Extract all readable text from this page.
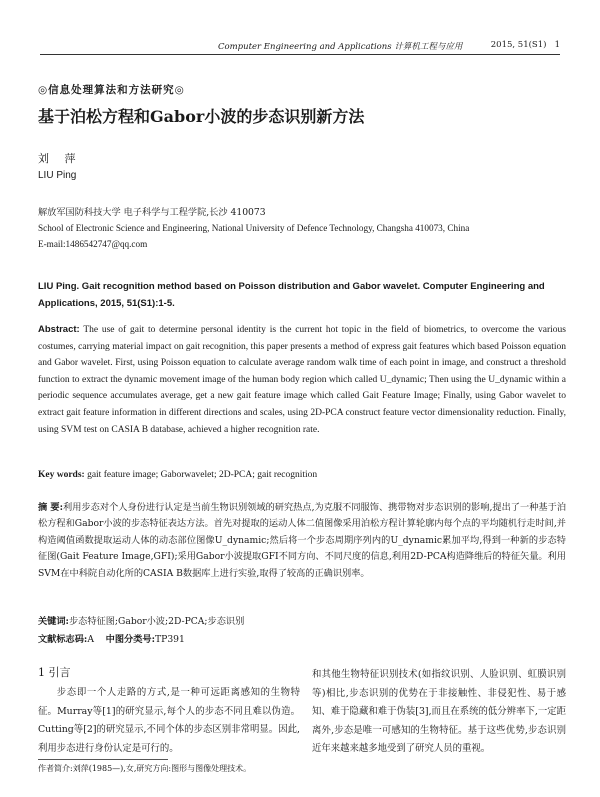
Computer Engineering and Applications 计算机工程与应用	2015, 51(S1) 1
◎信息处理算法和方法研究◎
基于泊松方程和Gabor小波的步态识别新方法
刘 萍
LIU Ping
解放军国防科技大学 电子科学与工程学院,长沙 410073
School of Electronic Science and Engineering, National University of Defence Technology, Changsha 410073, China
E-mail:1486542747@qq.com
LIU Ping. Gait recognition method based on Poisson distribution and Gabor wavelet. Computer Engineering and Applications, 2015, 51(S1):1-5.
Abstract: The use of gait to determine personal identity is the current hot topic in the field of biometrics, to overcome the various costumes, carrying material impact on gait recognition, this paper presents a method of express gait features which based Poisson equation and Gabor wavelet. First, using Poisson equation to calculate average random walk time of each point in image, and construct a threshold function to extract the dynamic movement image of the human body region which called U_dynamic; Then using the U_dynamic within a periodic sequence accumulates average, get a new gait feature image which called Gait Feature Image; Finally, using Gabor wavelet to extract gait feature information in different directions and scales, using 2D-PCA construct feature vector dimensionality reduction. Finally, using SVM test on CASIA B database, achieved a higher recognition rate.
Key words: gait feature image; Gaborwavelet; 2D-PCA; gait recognition
摘 要:利用步态对个人身份进行认定是当前生物识别领域的研究热点,为克服不同服饰、携带物对步态识别的影响,提出了一种基于泊松方程和Gabor小波的步态特征表达方法。首先对提取的运动人体二值图像采用泊松方程计算轮廓内每个点的平均随机行走时间,并构造阈值函数提取运动人体的动态部位图像U_dynamic;然后将一个步态周期序列内的U_dynamic累加平均,得到一种新的步态特征图(Gait Feature Image,GFI);采用Gabor小波提取GFI不同方向、不同尺度的信息,利用2D-PCA构造降维后的特征矢量。利用SVM在中科院自动化所的CASIA B数据库上进行实验,取得了较高的正确识别率。
关键词:步态特征图;Gabor小波;2D-PCA;步态识别
文献标志码:A 中图分类号:TP391
1 引言
步态即一个人走路的方式,是一种可远距离感知的生物特征。Murray等[1]的研究显示,每个人的步态不同且难以伪造。Cutting等[2]的研究显示,不同个体的步态区别非常明显。因此,利用步态进行身份认定是可行的。
和其他生物特征识别技术(如指纹识别、人脸识别、虹膜识别等)相比,步态识别的优势在于非接触性、非侵犯性、易于感知、难于隐藏和难于伪装[3],而且在系统的低分辨率下,一定距离外,步态是唯一可感知的生物特征。基于这些优势,步态识别近年来越来越多地受到了研究人员的重视。
作者简介:刘萍(1985—),女,研究方向:图形与图像处理技术。
